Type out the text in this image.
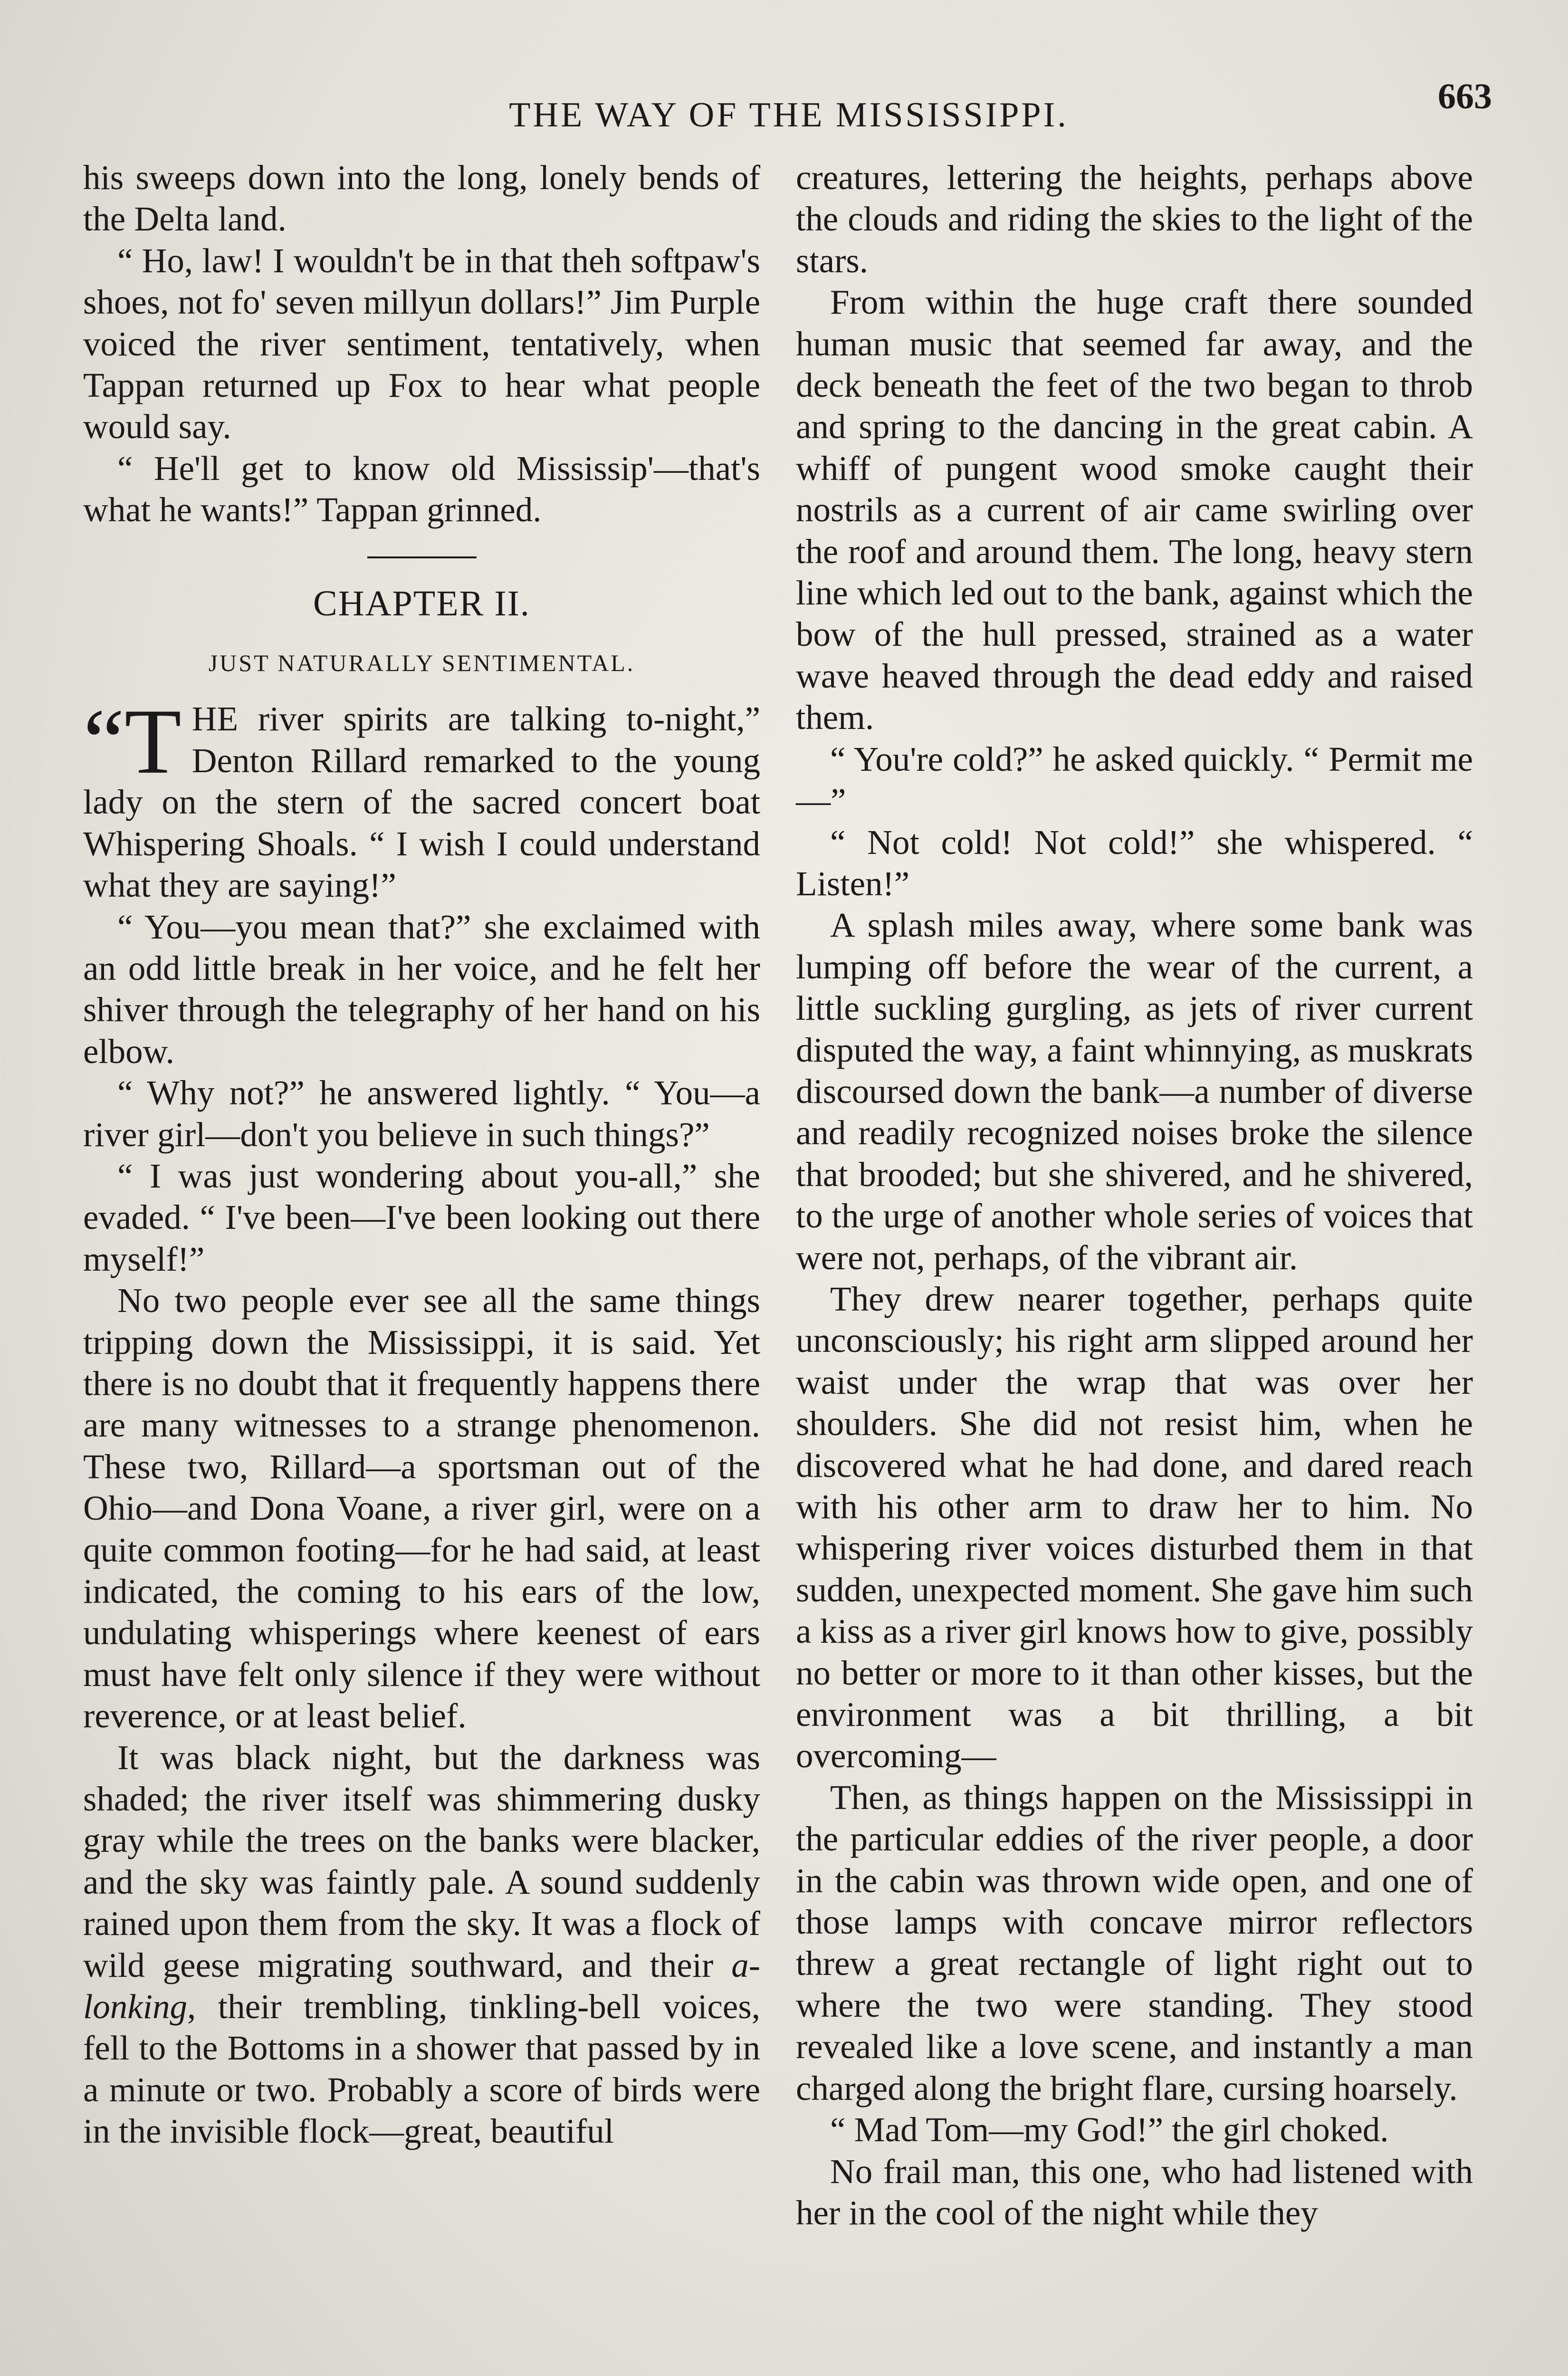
THE WAY OF THE MISSISSIPPI.	663

his sweeps down into the long, lonely bends of the Delta land.

“ Ho, law! I wouldn't be in that theh softpaw's shoes, not fo' seven millyun dollars!” Jim Purple voiced the river sentiment, tentatively, when Tappan returned up Fox to hear what people would say.

“ He'll get to know old Mississip'—that's what he wants!” Tappan grinned.

CHAPTER II.
JUST NATURALLY SENTIMENTAL.

“T HE river spirits are talking to-night,” Denton Rillard remarked to the young lady on the stern of the sacred concert boat Whispering Shoals. “ I wish I could understand what they are saying!”

“ You—you mean that?” she exclaimed with an odd little break in her voice, and he felt her shiver through the telegraphy of her hand on his elbow.

“ Why not?” he answered lightly. “ You—a river girl—don't you believe in such things?”

“ I was just wondering about you-all,” she evaded. “ I've been—I've been looking out there myself!”

No two people ever see all the same things tripping down the Mississippi, it is said. Yet there is no doubt that it frequently happens there are many witnesses to a strange phenomenon. These two, Rillard—a sportsman out of the Ohio—and Dona Voane, a river girl, were on a quite common footing—for he had said, at least indicated, the coming to his ears of the low, undulating whisperings where keenest of ears must have felt only silence if they were without reverence, or at least belief.

It was black night, but the darkness was shaded; the river itself was shimmering dusky gray while the trees on the banks were blacker, and the sky was faintly pale. A sound suddenly rained upon them from the sky. It was a flock of wild geese migrating southward, and their a-lonking, their trembling, tinkling-bell voices, fell to the Bottoms in a shower that passed by in a minute or two. Probably a score of birds were in the invisible flock—great, beautiful

creatures, lettering the heights, perhaps above the clouds and riding the skies to the light of the stars.

From within the huge craft there sounded human music that seemed far away, and the deck beneath the feet of the two began to throb and spring to the dancing in the great cabin. A whiff of pungent wood smoke caught their nostrils as a current of air came swirling over the roof and around them. The long, heavy stern line which led out to the bank, against which the bow of the hull pressed, strained as a water wave heaved through the dead eddy and raised them.

“ You're cold?” he asked quickly. “ Permit me—”

“ Not cold! Not cold!” she whispered. “ Listen!”

A splash miles away, where some bank was lumping off before the wear of the current, a little suckling gurgling, as jets of river current disputed the way, a faint whinnying, as muskrats discoursed down the bank—a number of diverse and readily recognized noises broke the silence that brooded; but she shivered, and he shivered, to the urge of another whole series of voices that were not, perhaps, of the vibrant air.

They drew nearer together, perhaps quite unconsciously; his right arm slipped around her waist under the wrap that was over her shoulders. She did not resist him, when he discovered what he had done, and dared reach with his other arm to draw her to him. No whispering river voices disturbed them in that sudden, unexpected moment. She gave him such a kiss as a river girl knows how to give, possibly no better or more to it than other kisses, but the environment was a bit thrilling, a bit overcoming—

Then, as things happen on the Mississippi in the particular eddies of the river people, a door in the cabin was thrown wide open, and one of those lamps with concave mirror reflectors threw a great rectangle of light right out to where the two were standing. They stood revealed like a love scene, and instantly a man charged along the bright flare, cursing hoarsely.

“ Mad Tom—my God!” the girl choked.

No frail man, this one, who had listened with her in the cool of the night while they
